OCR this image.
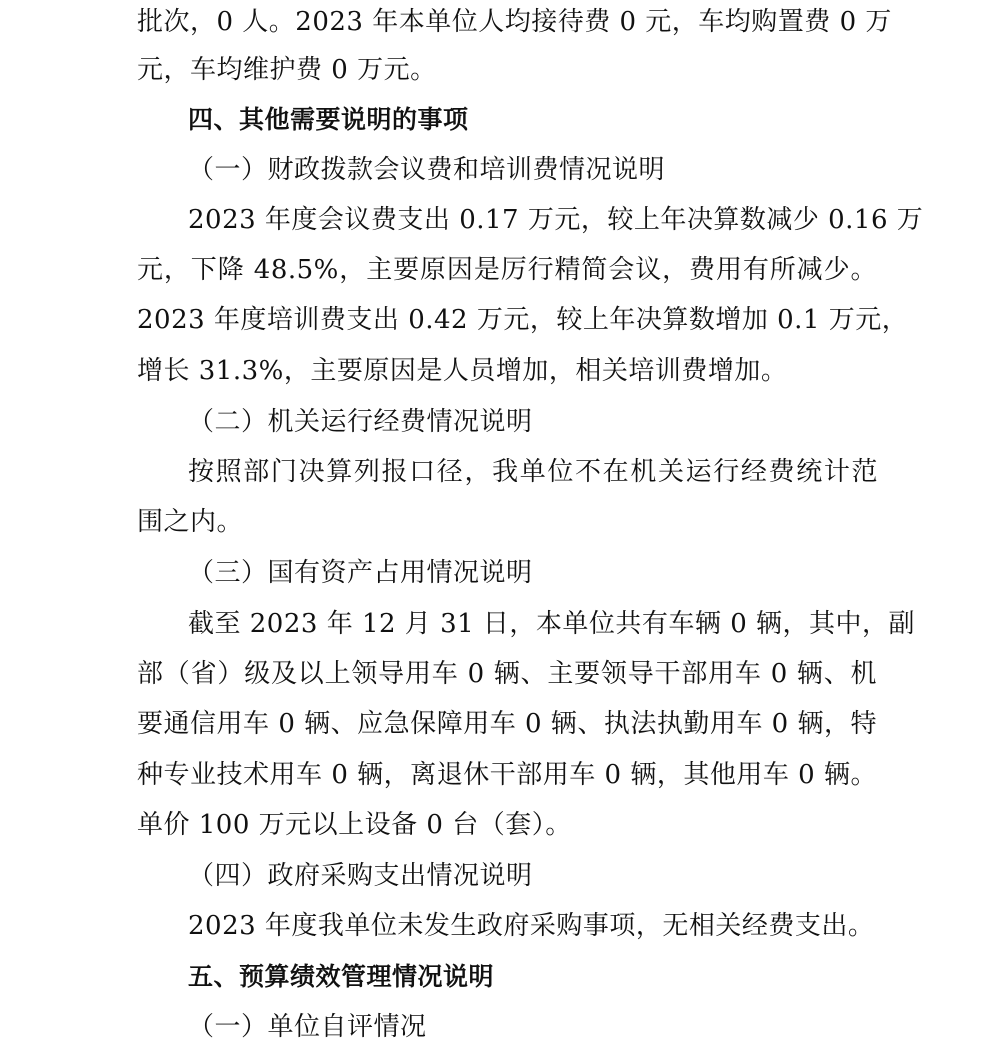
批次，0 人。2023 年本单位人均接待费 0 元，车均购置费 0 万
元，车均维护费 0 万元。
四、其他需要说明的事项
（一）财政拨款会议费和培训费情况说明
2023 年度会议费支出 0.17 万元，较上年决算数减少 0.16 万
元，下降 48.5%，主要原因是厉行精简会议，费用有所减少。
2023 年度培训费支出 0.42 万元，较上年决算数增加 0.1 万元，
增长 31.3%，主要原因是人员增加，相关培训费增加。
（二）机关运行经费情况说明
按照部门决算列报口径，我单位不在机关运行经费统计范
围之内。
（三）国有资产占用情况说明
截至 2023 年 12 月 31 日，本单位共有车辆 0 辆，其中，副
部（省）级及以上领导用车 0 辆、主要领导干部用车 0 辆、机
要通信用车 0 辆、应急保障用车 0 辆、执法执勤用车 0 辆，特
种专业技术用车 0 辆，离退休干部用车 0 辆，其他用车 0 辆。
单价 100 万元以上设备 0 台（套）。
（四）政府采购支出情况说明
2023 年度我单位未发生政府采购事项，无相关经费支出。
五、预算绩效管理情况说明
（一）单位自评情况
